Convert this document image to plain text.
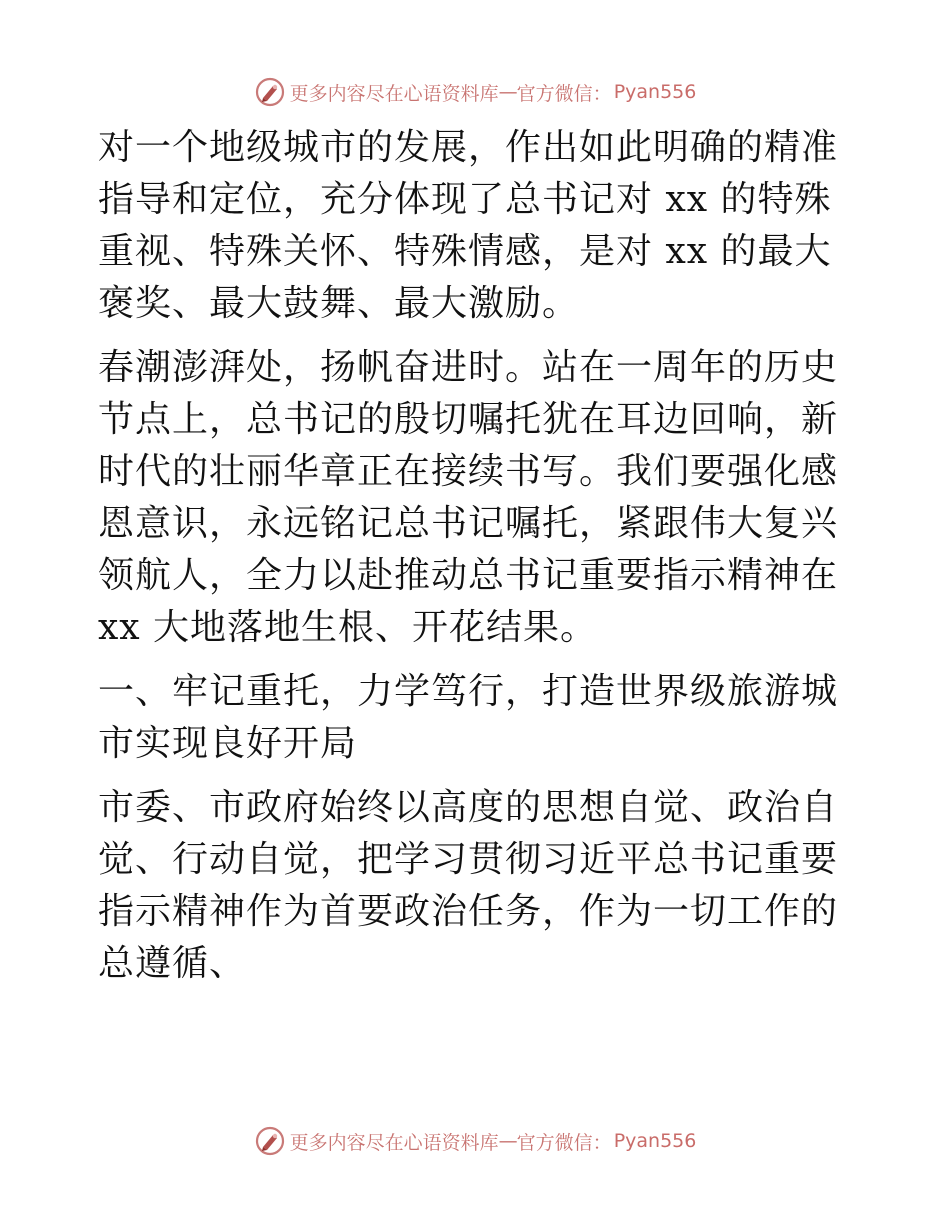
更多内容尽在心语资料库 — 官方微信： Pyan556

对一个地级城市的发展，作出如此明确的精准指导和定位，充分体现了总书记对 xx 的特殊重视、特殊关怀、特殊情感，是对 xx 的最大褒奖、最大鼓舞、最大激励。

春潮澎湃处，扬帆奋进时。站在一周年的历史节点上，总书记的殷切嘱托犹在耳边回响，新时代的壮丽华章正在接续书写。我们要强化感恩意识，永远铭记总书记嘱托，紧跟伟大复兴领航人，全力以赴推动总书记重要指示精神在 xx 大地落地生根、开花结果。

一、牢记重托，力学笃行，打造世界级旅游城市实现良好开局

市委、市政府始终以高度的思想自觉、政治自觉、行动自觉，把学习贯彻习近平总书记重要指示精神作为首要政治任务，作为一切工作的总遵循、

更多内容尽在心语资料库 — 官方微信： Pyan556
